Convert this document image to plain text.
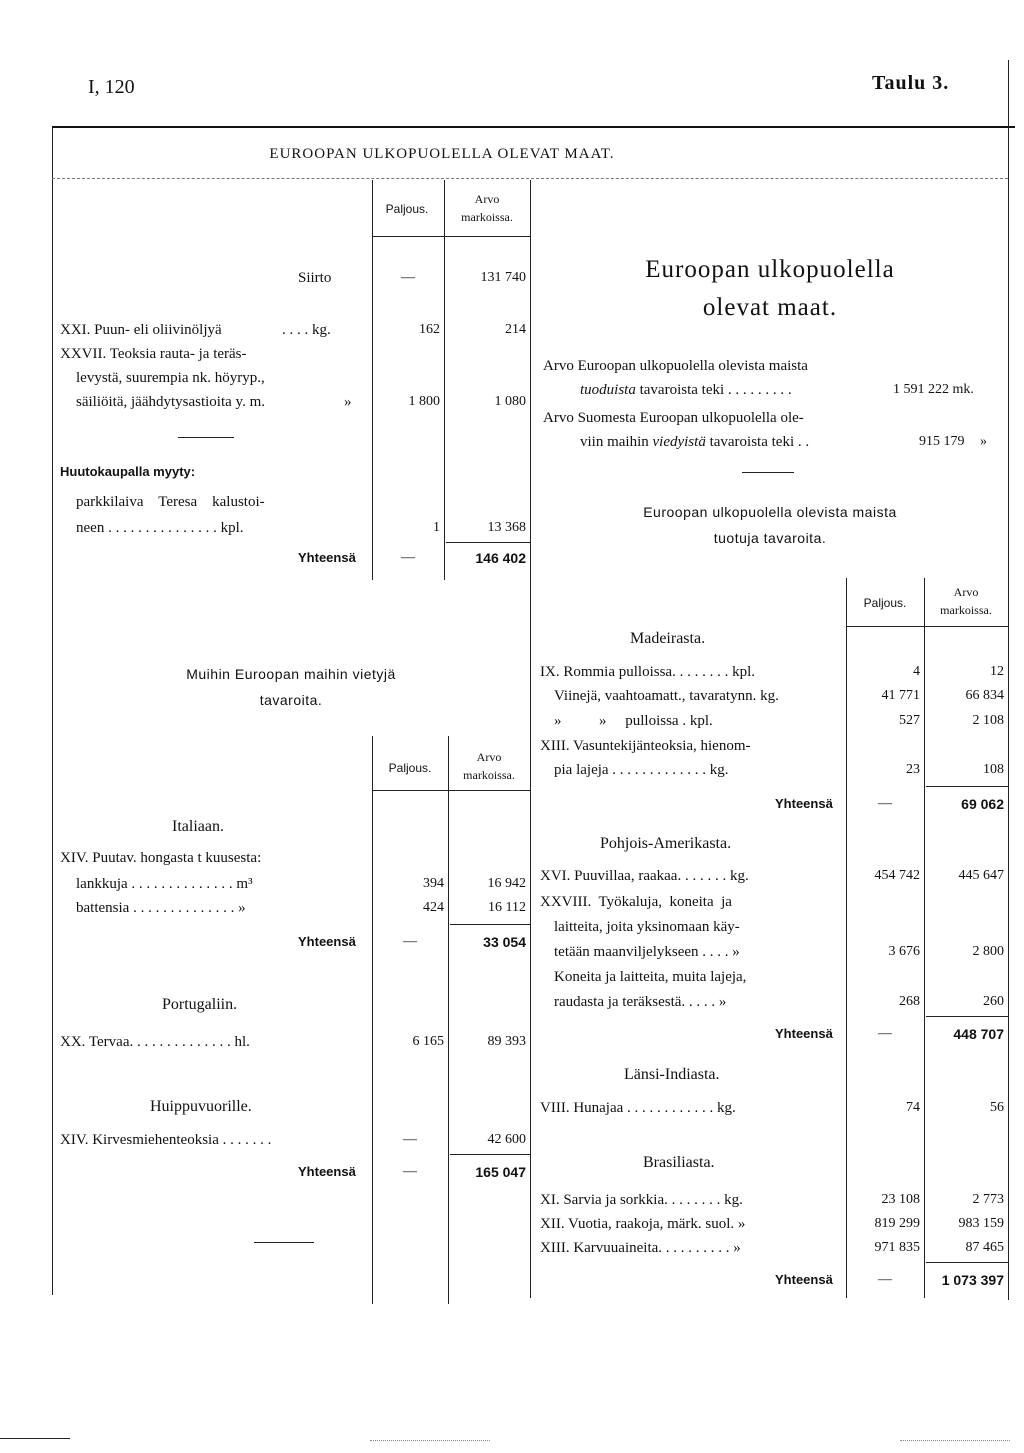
I, 120	Taulu 3.
EUROOPAN ULKOPUOLELLA OLEVAT MAAT.
Paljous.
Arvo
markoissa.
Siirto	—	131 740
XXI. Puun- eli oliivinöljyä	. . . . kg.	162	214
XXVII. Teoksia rauta- ja teräs-
levystä, suurempia nk. höyryp.,
säiliöitä, jäähdytysastioita y. m.	»	1 800	1 080
Huutokaupalla myyty:
parkkilaiva    Teresa    kalustoi-
neen . . . . . . . . . . . . . . . kpl.	1	13 368
Yhteensä	—	146 402
Euroopan ulkopuolella
olevat maat.
Arvo Euroopan ulkopuolella olevista maista
tuoduista tavaroista teki . . . . . . . . .	1 591 222 mk.
Arvo Suomesta Euroopan ulkopuolella ole-
viin maihin viedyistä tavaroista teki . .	915 179 »
Euroopan ulkopuolella olevista maista
tuotuja tavaroita.
Paljous.
Arvo
markoissa.
Madeirasta.
IX. Rommia pulloissa. . . . . . . . kpl.	4	12
Viinejä, vaahtoamatt., tavaratynn. kg.	41 771	66 834
»          »     pulloissa . kpl.	527	2 108
XIII. Vasuntekijänteoksia, hienom-
pia lajeja . . . . . . . . . . . . . kg.	23	108
Yhteensä	—	69 062
Pohjois-Amerikasta.
XVI. Puuvillaa, raakaa. . . . . . . kg.	454 742	445 647
XXVIII.  Työkaluja,  koneita  ja
laitteita, joita yksinomaan käy-
tetään maanviljelykseen . . . . »	3 676	2 800
Koneita ja laitteita, muita lajeja,
raudasta ja teräksestä. . . . . »	268	260
Yhteensä	—	448 707
Länsi-Indiasta.
VIII. Hunajaa . . . . . . . . . . . . kg.	74	56
Brasiliasta.
XI. Sarvia ja sorkkia. . . . . . . . kg.	23 108	2 773
XII. Vuotia, raakoja, märk. suol. »	819 299	983 159
XIII. Karvuuaineita. . . . . . . . . . »	971 835	87 465
Yhteensä	—	1 073 397
Muihin Euroopan maihin vietyjä
tavaroita.
Paljous.
Arvo
markoissa.
Italiaan.
XIV. Puutav. hongasta t kuusesta:
lankkuja . . . . . . . . . . . . . . m³	394	16 942
battensia . . . . . . . . . . . . . . »	424	16 112
Yhteensä	—	33 054
Portugaliin.
XX. Tervaa. . . . . . . . . . . . . . hl.	6 165	89 393
Huippuvuorille.
XIV. Kirvesmiehenteoksia . . . . . . .	—	42 600
Yhteensä	—	165 047
